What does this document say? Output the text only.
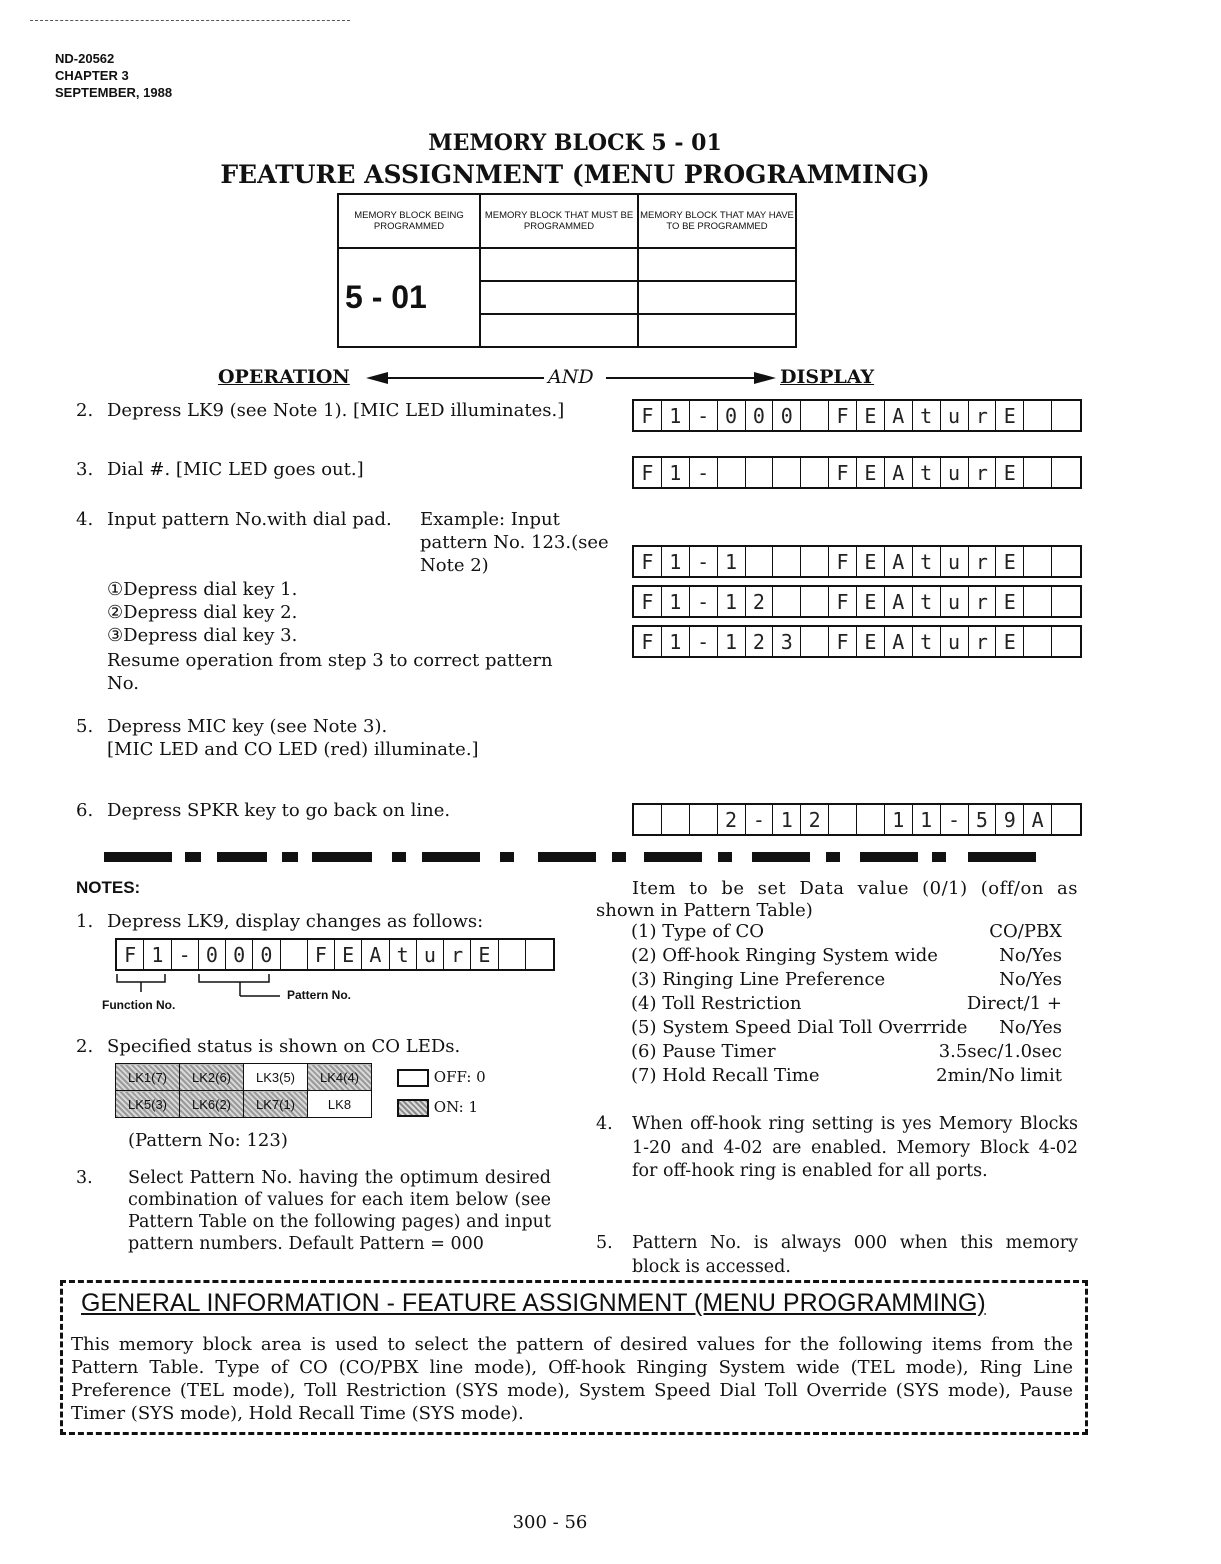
ND-20562
CHAPTER 3
SEPTEMBER, 1988
MEMORY BLOCK 5 - 01
FEATURE ASSIGNMENT (MENU PROGRAMMING)
MEMORY BLOCK BEING PROGRAMMED	MEMORY BLOCK THAT MUST BE PROGRAMMED	MEMORY BLOCK THAT MAY HAVE TO BE PROGRAMMED
5 - 01		

OPERATION	AND	DISPLAY
2. Depress LK9 (see Note 1). [MIC LED illuminates.]
3. Dial #. [MIC LED goes out.]
4. Input pattern No.with dial pad.	Example: Input pattern No. 123.(see Note 2)
①Depress dial key 1.
②Depress dial key 2.
③Depress dial key 3.
Resume operation from step 3 to correct pattern No.
5. Depress MIC key (see Note 3).
[MIC LED and CO LED (red) illuminate.]
6. Depress SPKR key to go back on line.
F 1 - 0 0 0 F E A t u r E
F 1 -	F E A t u r E
F 1 - 1	F E A t u r E
F 1 - 1 2	F E A t u r E
F 1 - 1 2 3 F E A t u r E
2 - 1 2	1 1 - 5 9 A
NOTES:
1. Depress LK9, display changes as follows:
F 1 - 0 0 0 F E A t u r E
Function No.
Pattern No.
2. Specified status is shown on CO LEDs.
LK1(7)	LK2(6)	LK3(5)	LK4(4)
LK5(3)	LK6(2)	LK7(1)	LK8
OFF: 0
ON: 1
(Pattern No: 123)
3. Select Pattern No. having the optimum desired combination of values for each item below (see Pattern Table on the following pages) and input pattern numbers. Default Pattern = 000
Item to be set Data value (0/1) (off/on as
shown in Pattern Table)
(1) Type of CO	CO/PBX
(2) Off-hook Ringing System wide	No/Yes
(3) Ringing Line Preference	No/Yes
(4) Toll Restriction	Direct/1 +
(5) System Speed Dial Toll Overrride No/Yes
(6) Pause Timer	3.5sec/1.0sec
(7) Hold Recall Time	2min/No limit
4. When off-hook ring setting is yes Memory Blocks 1-20 and 4-02 are enabled. Memory Block 4-02 for off-hook ring is enabled for all ports.
5. Pattern No. is always 000 when this memory block is accessed.
GENERAL INFORMATION - FEATURE ASSIGNMENT (MENU PROGRAMMING)
This memory block area is used to select the pattern of desired values for the following items from the Pattern Table. Type of CO (CO/PBX line mode), Off-hook Ringing System wide (TEL mode), Ring Line Preference (TEL mode), Toll Restriction (SYS mode), System Speed Dial Toll Override (SYS mode), Pause Timer (SYS mode), Hold Recall Time (SYS mode).
300 - 56
